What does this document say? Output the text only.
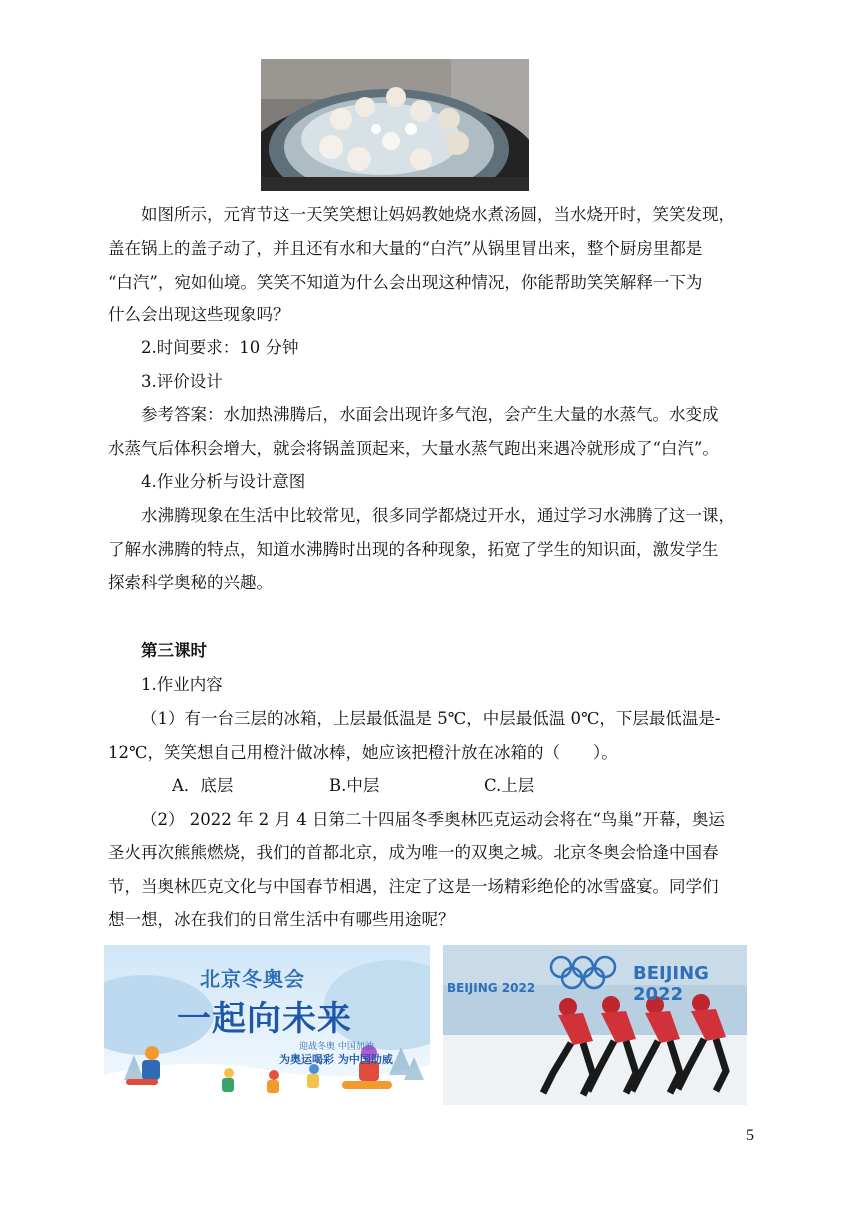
如图所示，元宵节这一天笑笑想让妈妈教她烧水煮汤圆，当水烧开时，笑笑发现，
盖在锅上的盖子动了，并且还有水和大量的“白汽”从锅里冒出来，整个厨房里都是
“白汽”，宛如仙境。笑笑不知道为什么会出现这种情况，你能帮助笑笑解释一下为
什么会出现这些现象吗？
2.时间要求：10 分钟
3.评价设计
参考答案：水加热沸腾后，水面会出现许多气泡，会产生大量的水蒸气。水变成
水蒸气后体积会增大，就会将锅盖顶起来，大量水蒸气跑出来遇冷就形成了“白汽”。
4.作业分析与设计意图
水沸腾现象在生活中比较常见，很多同学都烧过开水，通过学习水沸腾了这一课，
了解水沸腾的特点，知道水沸腾时出现的各种现象，拓宽了学生的知识面，激发学生
探索科学奥秘的兴趣。
第三课时
1.作业内容
（1）有一台三层的冰箱，上层最低温是 5℃，中层最低温 0℃，下层最低温是-
12℃，笑笑想自己用橙汁做冰棒，她应该把橙汁放在冰箱的（　　）。
A．底层	B.中层	C.上层
（2） 2022 年 2 月 4 日第二十四届冬季奥林匹克运动会将在“鸟巢”开幕，奥运
圣火再次熊熊燃烧，我们的首都北京，成为唯一的双奥之城。北京冬奥会恰逢中国春
节，当奥林匹克文化与中国春节相遇，注定了这是一场精彩绝伦的冰雪盛宴。同学们
想一想，冰在我们的日常生活中有哪些用途呢？
北京冬奥会
一起向未来
迎战冬奥 中国加油
为奥运喝彩 为中国助威
BEIJING 2022
BEIJING 2022
5
